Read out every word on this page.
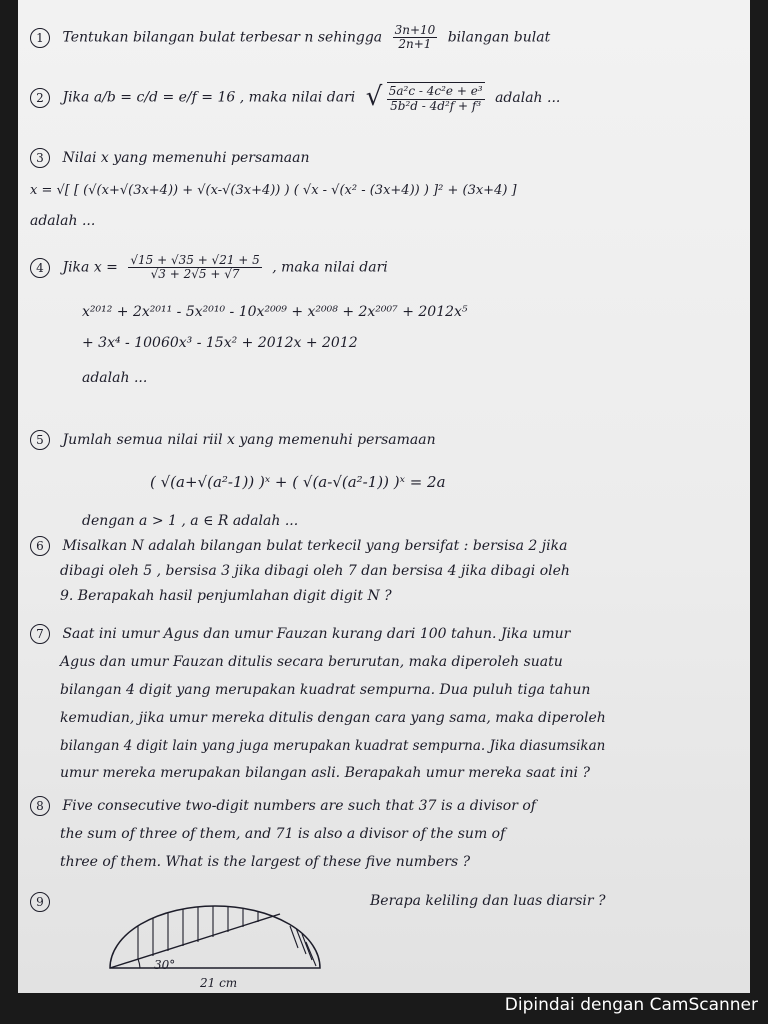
1 Tentukan bilangan bulat terbesar n sehingga $\frac{3n+10}{2n+1}$ bilangan bulat
2 Jika a/b = c/d = e/f = 16 , maka nilai dari √ $\frac{\text{5a²c - 4c²e + e³}}{\text{5b²d - 4d²f + f³}}$ adalah ...
3 Nilai x yang memenuhi persamaan
x = √[ [ (√(x+√(3x+4)) + √(x-√(3x+4)) ) ( √x - √(x² - (3x+4)) ) ]² + (3x+4) ]
adalah ...
4 Jika $x = \frac{√15 + √35 + √21 + 5}{√3 + 2√5 + √7}$ , maka nilai dari
x²⁰¹² + 2x²⁰¹¹ - 5x²⁰¹⁰ - 10x²⁰⁰⁹ + x²⁰⁰⁸ + 2x²⁰⁰⁷ + 2012x⁵
+ 3x⁴ - 10060x³ - 15x² + 2012x + 2012
adalah ...
5 Jumlah semua nilai riil x yang memenuhi persamaan
( √(a+√(a²-1)) )ˣ + ( √(a-√(a²-1)) )ˣ = 2a
dengan a > 1 , a ∈ R adalah ...
6 Misalkan N adalah bilangan bulat terkecil yang bersifat : bersisa 2 jika
dibagi oleh 5 , bersisa 3 jika dibagi oleh 7 dan bersisa 4 jika dibagi oleh
9. Berapakah hasil penjumlahan digit digit N ?
7 Saat ini umur Agus dan umur Fauzan kurang dari 100 tahun. Jika umur
Agus dan umur Fauzan ditulis secara berurutan, maka diperoleh suatu
bilangan 4 digit yang merupakan kuadrat sempurna. Dua puluh tiga tahun
kemudian, jika umur mereka ditulis dengan cara yang sama, maka diperoleh
bilangan 4 digit lain yang juga merupakan kuadrat sempurna. Jika diasumsikan
umur mereka merupakan bilangan asli. Berapakah umur mereka saat ini ?
8 Five consecutive two-digit numbers are such that 37 is a divisor of
the sum of three of them, and 71 is also a divisor of the sum of
three of them. What is the largest of these five numbers ?
9	Berapa keliling dan luas diarsir ?
30°
21 cm
Dipindai dengan CamScanner
